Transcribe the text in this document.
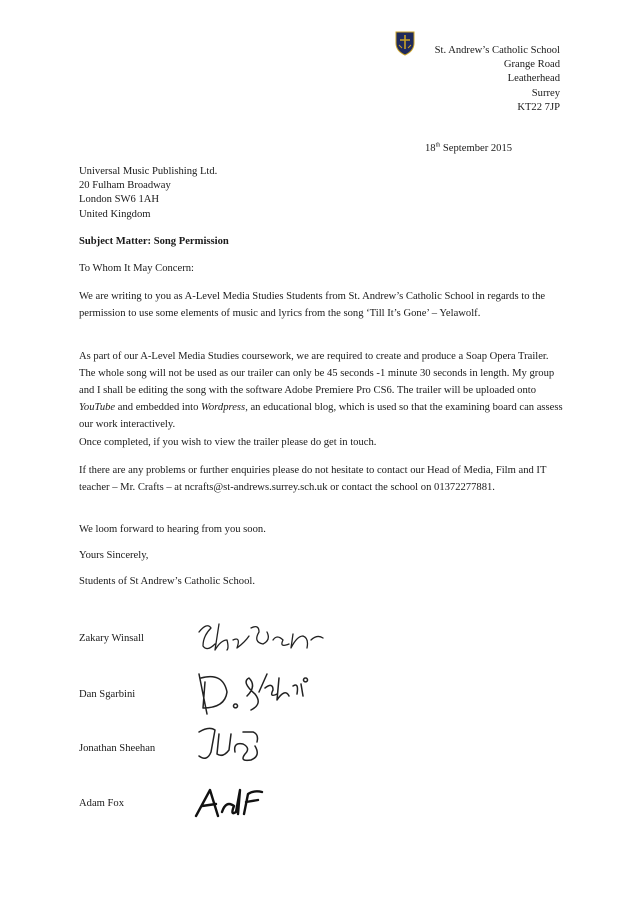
St. Andrew’s Catholic School
Grange Road
Leatherhead
Surrey
KT22 7JP
18th September 2015
Universal Music Publishing Ltd.
20 Fulham Broadway
London SW6 1AH
United Kingdom
Subject Matter: Song Permission
To Whom It May Concern:

We are writing to you as A-Level Media Studies Students from St. Andrew’s Catholic School in regards to the permission to use some elements of music and lyrics from the song ‘Till It’s Gone’ – Yelawolf.

As part of our A-Level Media Studies coursework, we are required to create and produce a Soap Opera Trailer. The whole song will not be used as our trailer can only be 45 seconds -1 minute 30 seconds in length. My group and I shall be editing the song with the software Adobe Premiere Pro CS6. The trailer will be uploaded onto YouTube and embedded into Wordpress, an educational blog, which is used so that the examining board can assess our work interactively.

Once completed, if you wish to view the trailer please do get in touch.

If there are any problems or further enquiries please do not hesitate to contact our Head of Media, Film and IT teacher – Mr. Crafts – at ncrafts@st-andrews.surrey.sch.uk or contact the school on 01372277881.

We loom forward to hearing from you soon.

Yours Sincerely,
Students of St Andrew’s Catholic School.
Zakary Winsall
Dan Sgarbini
Jonathan Sheehan
Adam Fox
